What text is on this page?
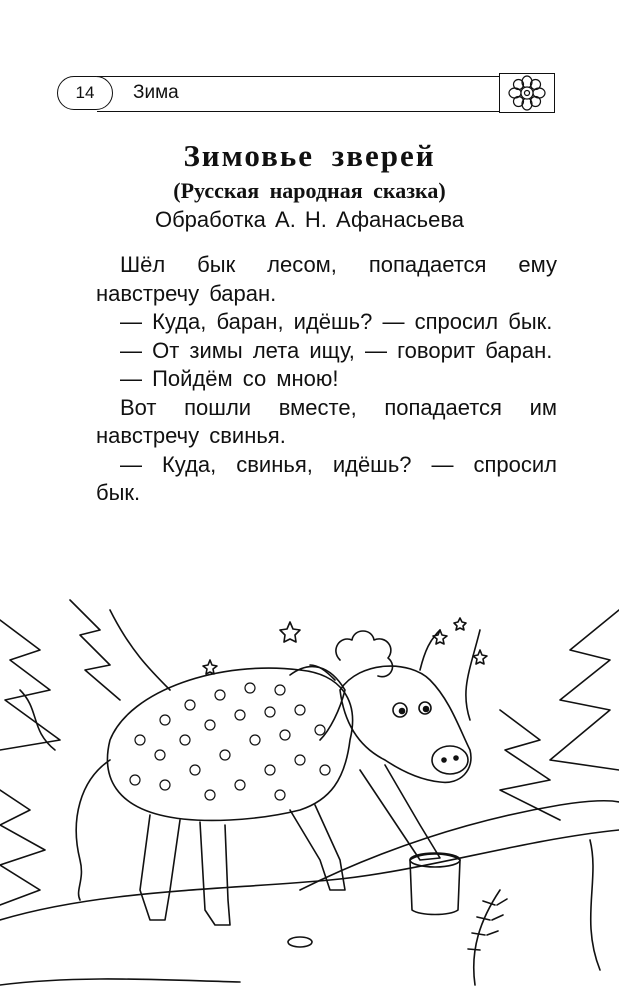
14	Зима
Зимовье зверей
(Русская народная сказка)
Обработка А. Н. Афанасьева

Шёл бык лесом, попадается ему навстречу баран.

— Куда, баран, идёшь? — спросил бык.

— От зимы лета ищу, — говорит баран.

— Пойдём со мною!

Вот пошли вместе, попадается им навстречу свинья.

— Куда, свинья, идёшь? — спросил бык.
